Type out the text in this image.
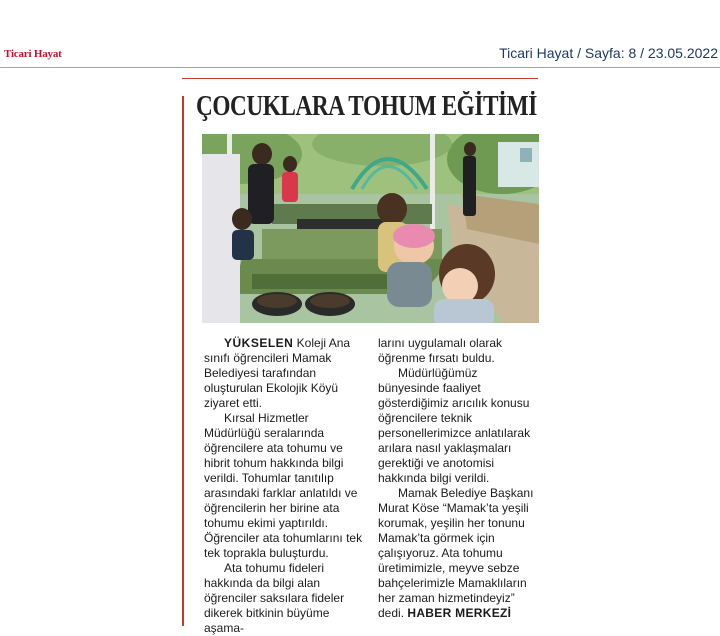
Ticari Hayat	Ticari Hayat / Sayfa: 8 / 23.05.2022
ÇOCUKLARA TOHUM EĞİTİMİ

YÜKSELEN Koleji Ana sınıfı öğrencileri Mamak Belediyesi tarafından oluşturulan Ekolojik Köyü ziyaret etti.

Kırsal Hizmetler Müdürlüğü seralarında öğrencilere ata tohumu ve hibrit tohum hakkında bilgi verildi. Tohumlar tanıtılıp arasındaki farklar anlatıldı ve öğrencilerin her birine ata tohumu ekimi yaptırıldı. Öğrenciler ata tohumlarını tek tek toprakla buluşturdu.

Ata tohumu fideleri hakkında da bilgi alan öğrenciler saksılara fideler dikerek bitkinin büyüme aşama-

larını uygulamalı olarak öğrenme fırsatı buldu.

Müdürlüğümüz bünyesinde faaliyet gösterdiğimiz arıcılık konusu öğrencilere teknik personellerimizce anlatılarak arılara nasıl yaklaşmaları gerektiği ve anotomisi hakkında bilgi verildi.

Mamak Belediye Başkanı Murat Köse “Mamak’ta yeşili korumak, yeşilin her tonunu Mamak’ta görmek için çalışıyoruz. Ata tohumu üretimimizle, meyve sebze bahçelerimizle Mamaklıların her zaman hizmetindeyiz” dedi. HABER MERKEZİ
